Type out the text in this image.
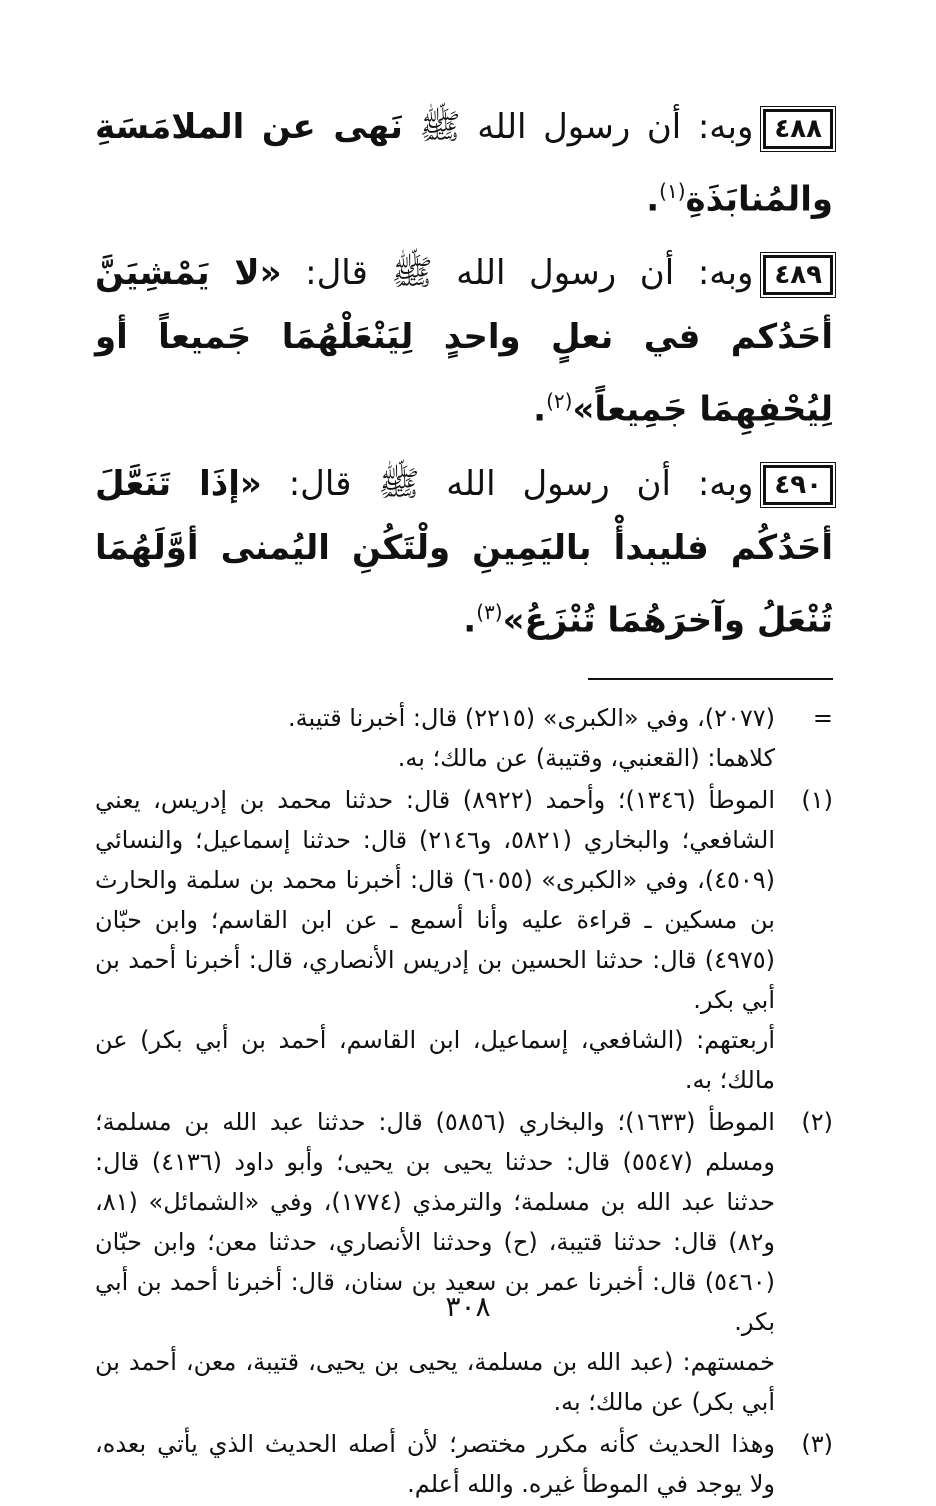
٤٨٨وبه: أن رسول الله ﷺ نَهى عن الملامَسَةِ والمُنابَذَةِ$^{(١)}$.
٤٨٩وبه: أن رسول الله ﷺ قال: «لا يَمْشِيَنَّ أحَدُكم في نعلٍ واحدٍ لِيَنْعَلْهُمَا جَميعاً أو لِيُحْفِهِمَا جَمِيعاً»$^{(٢)}$.
٤٩٠وبه: أن رسول الله ﷺ قال: «إذَا تَنَعَّلَ أحَدُكُم فليبدأْ باليَمِينِ ولْتَكُنِ اليُمنى أوَّلَهُمَا تُنْعَلُ وآخرَهُمَا تُنْزَعُ»$^{(٣)}$.
=

(٢٠٧٧)، وفي «الكبرى» (٢٢١٥) قال: أخبرنا قتيبة.

كلاهما: (القعنبي، وقتيبة) عن مالك؛ به.

(١)

الموطأ (١٣٤٦)؛ وأحمد (٨٩٢٢) قال: حدثنا محمد بن إدريس، يعني الشافعي؛ والبخاري (٥٨٢١، و٢١٤٦) قال: حدثنا إسماعيل؛ والنسائي (٤٥٠٩)، وفي «الكبرى» (٦٠٥٥) قال: أخبرنا محمد بن سلمة والحارث بن مسكين ـ قراءة عليه وأنا أسمع ـ عن ابن القاسم؛ وابن حبّان (٤٩٧٥) قال: حدثنا الحسين بن إدريس الأنصاري، قال: أخبرنا أحمد بن أبي بكر.

أربعتهم: (الشافعي، إسماعيل، ابن القاسم، أحمد بن أبي بكر) عن مالك؛ به.

(٢)

الموطأ (١٦٣٣)؛ والبخاري (٥٨٥٦) قال: حدثنا عبد الله بن مسلمة؛ ومسلم (٥٥٤٧) قال: حدثنا يحيى بن يحيى؛ وأبو داود (٤١٣٦) قال: حدثنا عبد الله بن مسلمة؛ والترمذي (١٧٧٤)، وفي «الشمائل» (٨١، و٨٢) قال: حدثنا قتيبة، (ح) وحدثنا الأنصاري، حدثنا معن؛ وابن حبّان (٥٤٦٠) قال: أخبرنا عمر بن سعيد بن سنان، قال: أخبرنا أحمد بن أبي بكر.

خمستهم: (عبد الله بن مسلمة، يحيى بن يحيى، قتيبة، معن، أحمد بن أبي بكر) عن مالك؛ به.

(٣)

وهذا الحديث كأنه مكرر مختصر؛ لأن أصله الحديث الذي يأتي بعده، ولا يوجد في الموطأ غيره. والله أعلم.

٣٠٨
